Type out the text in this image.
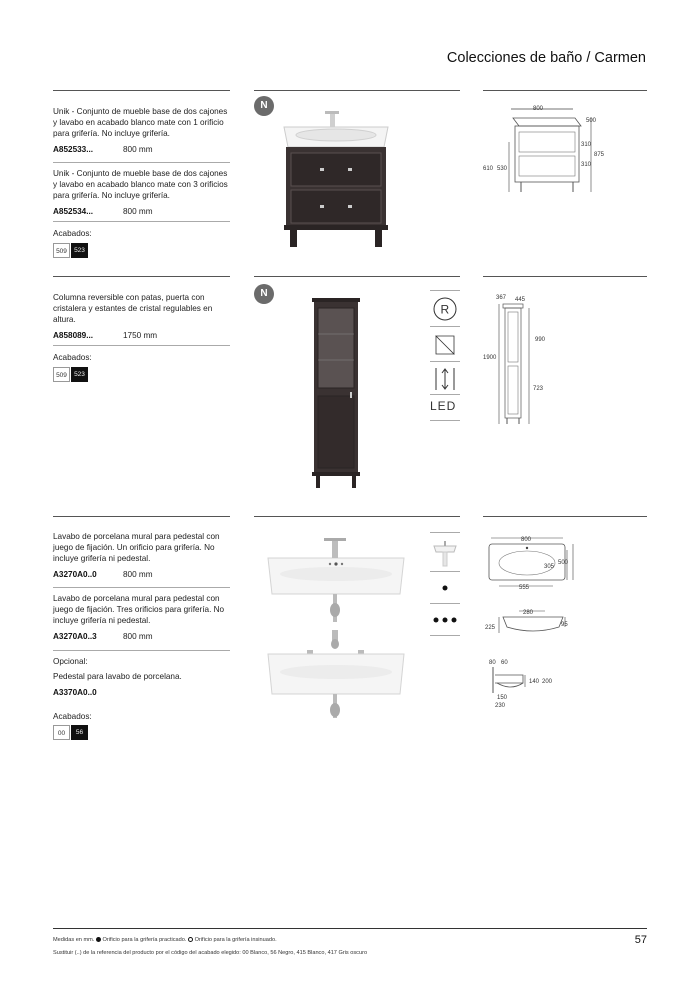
Colecciones de baño / Carmen
Unik - Conjunto de mueble base de dos cajones y lavabo en acabado blanco mate con 1 orificio para grifería. No incluye grifería.
A852533...	800 mm
Unik - Conjunto de mueble base de dos cajones y lavabo en acabado blanco mate con 3 orificios para grifería. No incluye grifería.
A852534...	800 mm
Acabados:
509	523
N	800
500
310
875
310
610 530
Columna reversible con patas, puerta con cristalera y estantes de cristal regulables en altura.
A858089...	1750 mm
Acabados:
509	523
N
R
LED
367 445
990
1900
723
Lavabo de porcelana mural para pedestal con juego de fijación. Un orificio para grifería. No incluye grifería ni pedestal.
A3270A0..0	800 mm
Lavabo de porcelana mural para pedestal con juego de fijación. Tres orificios para grifería. No incluye grifería ni pedestal.
A3270A0..3	800 mm
Opcional:
Pedestal para lavabo de porcelana.
A3370A0..0
Acabados:
00	56
800
305
500
555
280
225	95
80 60
140 200
150
230
Medidas en mm. Orificio para la grifería practicado. Orificio para la grifería insinuado.
Sustituir (..) de la referencia del producto por el código del acabado elegido: 00 Blanco, 56 Negro, 415 Blanco, 417 Gris oscuro
57
